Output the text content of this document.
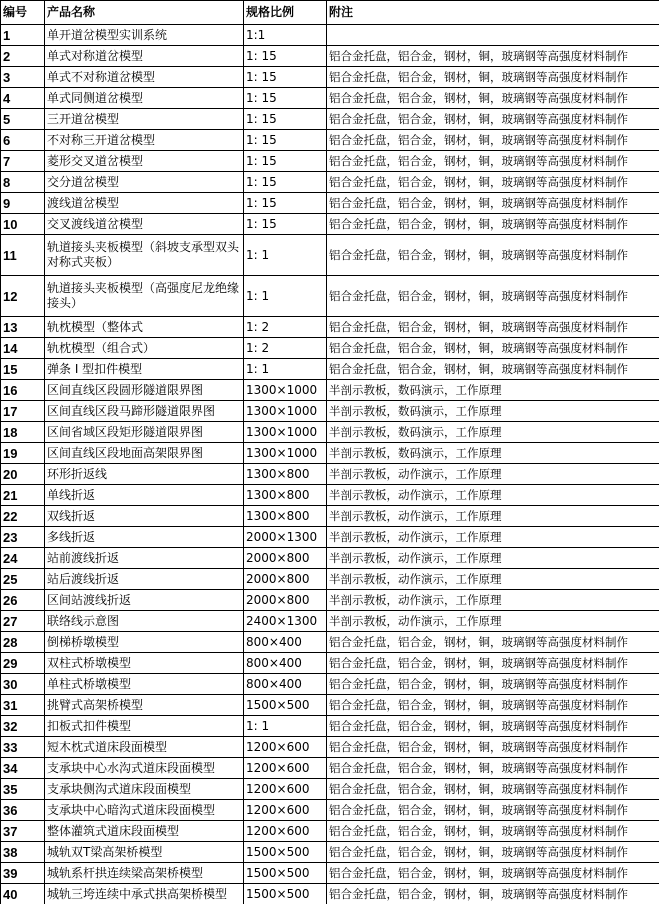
编号	产品名称	规格比例	附注
1	单开道岔模型实训系统	1:1	
2	单式对称道岔模型	1: 15	铝合金托盘，铝合金，钢材，铜，玻璃钢等高强度材料制作
3	单式不对称道岔模型	1: 15	铝合金托盘，铝合金，钢材，铜，玻璃钢等高强度材料制作
4	单式同侧道岔模型	1: 15	铝合金托盘，铝合金，钢材，铜，玻璃钢等高强度材料制作
5	三开道岔模型	1: 15	铝合金托盘，铝合金，钢材，铜，玻璃钢等高强度材料制作
6	不对称三开道岔模型	1: 15	铝合金托盘，铝合金，钢材，铜，玻璃钢等高强度材料制作
7	菱形交叉道岔模型	1: 15	铝合金托盘，铝合金，钢材，铜，玻璃钢等高强度材料制作
8	交分道岔模型	1: 15	铝合金托盘，铝合金，钢材，铜，玻璃钢等高强度材料制作
9	渡线道岔模型	1: 15	铝合金托盘，铝合金，钢材，铜，玻璃钢等高强度材料制作
10	交叉渡线道岔模型	1: 15	铝合金托盘，铝合金，钢材，铜，玻璃钢等高强度材料制作
11	轨道接头夹板模型（斜坡支承型双头对称式夹板）	1: 1	铝合金托盘，铝合金，钢材，铜，玻璃钢等高强度材料制作
12	轨道接头夹板模型（高强度尼龙绝缘接头）	1: 1	铝合金托盘，铝合金，钢材，铜，玻璃钢等高强度材料制作
13	轨枕模型（整体式	1: 2	铝合金托盘，铝合金，钢材，铜，玻璃钢等高强度材料制作
14	轨枕模型（组合式）	1: 2	铝合金托盘，铝合金，钢材，铜，玻璃钢等高强度材料制作
15	弹条 I 型扣件模型	1: 1	铝合金托盘，铝合金，钢材，铜，玻璃钢等高强度材料制作
16	区间直线区段圆形隧道限界图	1300×1000	半剖示教板，数码演示，工作原理
17	区间直线区段马蹄形隧道限界图	1300×1000	半剖示教板，数码演示，工作原理
18	区间省域区段矩形隧道限界图	1300×1000	半剖示教板，数码演示，工作原理
19	区间直线区段地面高架限界图	1300×1000	半剖示教板，数码演示，工作原理
20	环形折返线	1300×800	半剖示教板，动作演示，工作原理
21	单线折返	1300×800	半剖示教板，动作演示，工作原理
22	双线折返	1300×800	半剖示教板，动作演示，工作原理
23	多线折返	2000×1300	半剖示教板，动作演示，工作原理
24	站前渡线折返	2000×800	半剖示教板，动作演示，工作原理
25	站后渡线折返	2000×800	半剖示教板，动作演示，工作原理
26	区间站渡线折返	2000×800	半剖示教板，动作演示，工作原理
27	联络线示意图	2400×1300	半剖示教板，动作演示，工作原理
28	倒梯桥墩模型	800×400	铝合金托盘，铝合金，钢材，铜，玻璃钢等高强度材料制作
29	双柱式桥墩模型	800×400	铝合金托盘，铝合金，钢材，铜，玻璃钢等高强度材料制作
30	单柱式桥墩模型	800×400	铝合金托盘，铝合金，钢材，铜，玻璃钢等高强度材料制作
31	挑臂式高架桥模型	1500×500	铝合金托盘，铝合金，钢材，铜，玻璃钢等高强度材料制作
32	扣板式扣件模型	1: 1	铝合金托盘，铝合金，钢材，铜，玻璃钢等高强度材料制作
33	短木枕式道床段面模型	1200×600	铝合金托盘，铝合金，钢材，铜，玻璃钢等高强度材料制作
34	支承块中心水沟式道床段面模型	1200×600	铝合金托盘，铝合金，钢材，铜，玻璃钢等高强度材料制作
35	支承块侧沟式道床段面模型	1200×600	铝合金托盘，铝合金，钢材，铜，玻璃钢等高强度材料制作
36	支承块中心暗沟式道床段面模型	1200×600	铝合金托盘，铝合金，钢材，铜，玻璃钢等高强度材料制作
37	整体灌筑式道床段面模型	1200×600	铝合金托盘，铝合金，钢材，铜，玻璃钢等高强度材料制作
38	城轨双T梁高架桥模型	1500×500	铝合金托盘，铝合金，钢材，铜，玻璃钢等高强度材料制作
39	城轨系杆拱连续梁高架桥模型	1500×500	铝合金托盘，铝合金，钢材，铜，玻璃钢等高强度材料制作
40	城轨三垮连续中承式拱高架桥模型	1500×500	铝合金托盘，铝合金，钢材，铜，玻璃钢等高强度材料制作
